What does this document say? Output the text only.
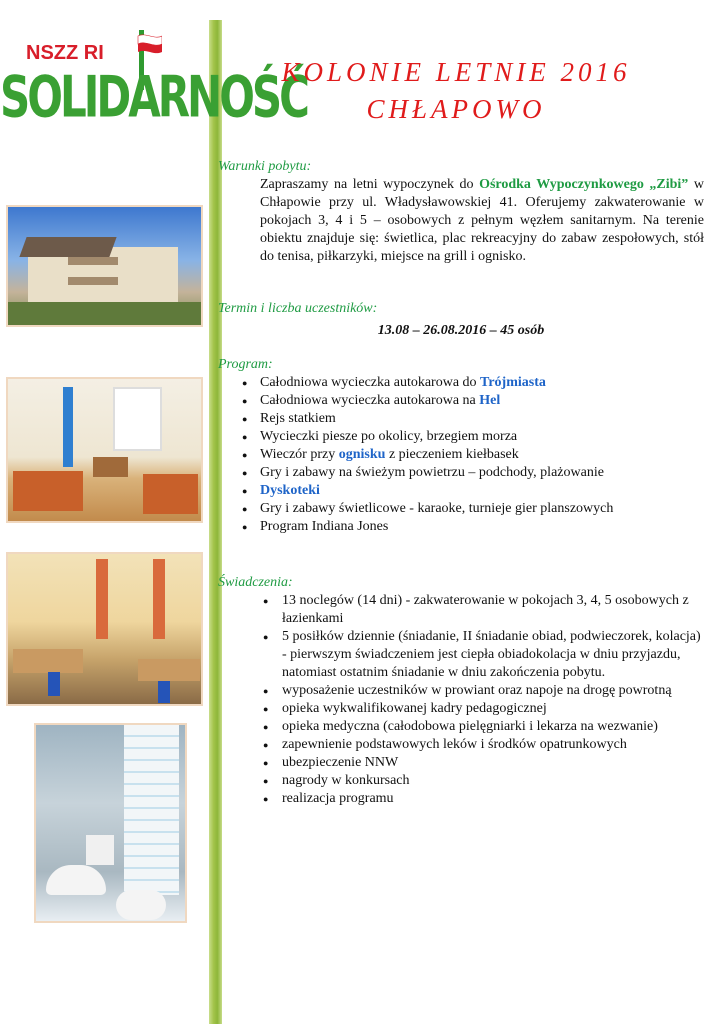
NSZZ RI
SOLIDARNOŚĆ
KOLONIE LETNIE 2016
CHŁAPOWO
Warunki pobytu:

Zapraszamy na letni wypoczynek do Ośrodka Wypoczynkowego „Zibi” w Chłapowie przy ul. Władysławowskiej 41. Oferujemy zakwaterowanie w pokojach 3, 4 i 5 – osobowych z pełnym węzłem sanitarnym. Na terenie obiektu znajduje się: świetlica, plac rekreacyjny do zabaw zespołowych, stół do tenisa, piłkarzyki, miejsce na grill i ognisko.

Termin i liczba uczestników:
13.08 – 26.08.2016 – 45 osób
Program:
● Całodniowa wycieczka autokarowa do Trójmiasta
● Całodniowa wycieczka autokarowa na Hel
● Rejs statkiem
● Wycieczki piesze po okolicy, brzegiem morza
● Wieczór przy ognisku z pieczeniem kiełbasek
● Gry i zabawy na świeżym powietrzu – podchody, plażowanie
● Dyskoteki
● Gry i zabawy świetlicowe - karaoke, turnieje gier planszowych
● Program Indiana Jones
Świadczenia:
● 13 noclegów (14 dni) - zakwaterowanie w pokojach 3, 4, 5 osobowych z łazienkami
● 5 posiłków dziennie (śniadanie, II śniadanie obiad, podwieczorek, kolacja) - pierwszym świadczeniem jest ciepła obiadokolacja w dniu przyjazdu, natomiast ostatnim śniadanie w dniu zakończenia pobytu.
● wyposażenie uczestników w prowiant oraz napoje na drogę powrotną
● opieka wykwalifikowanej kadry pedagogicznej
● opieka medyczna (całodobowa pielęgniarki i lekarza na wezwanie)
● zapewnienie podstawowych leków i środków opatrunkowych
● ubezpieczenie NNW
● nagrody w konkursach
● realizacja programu
